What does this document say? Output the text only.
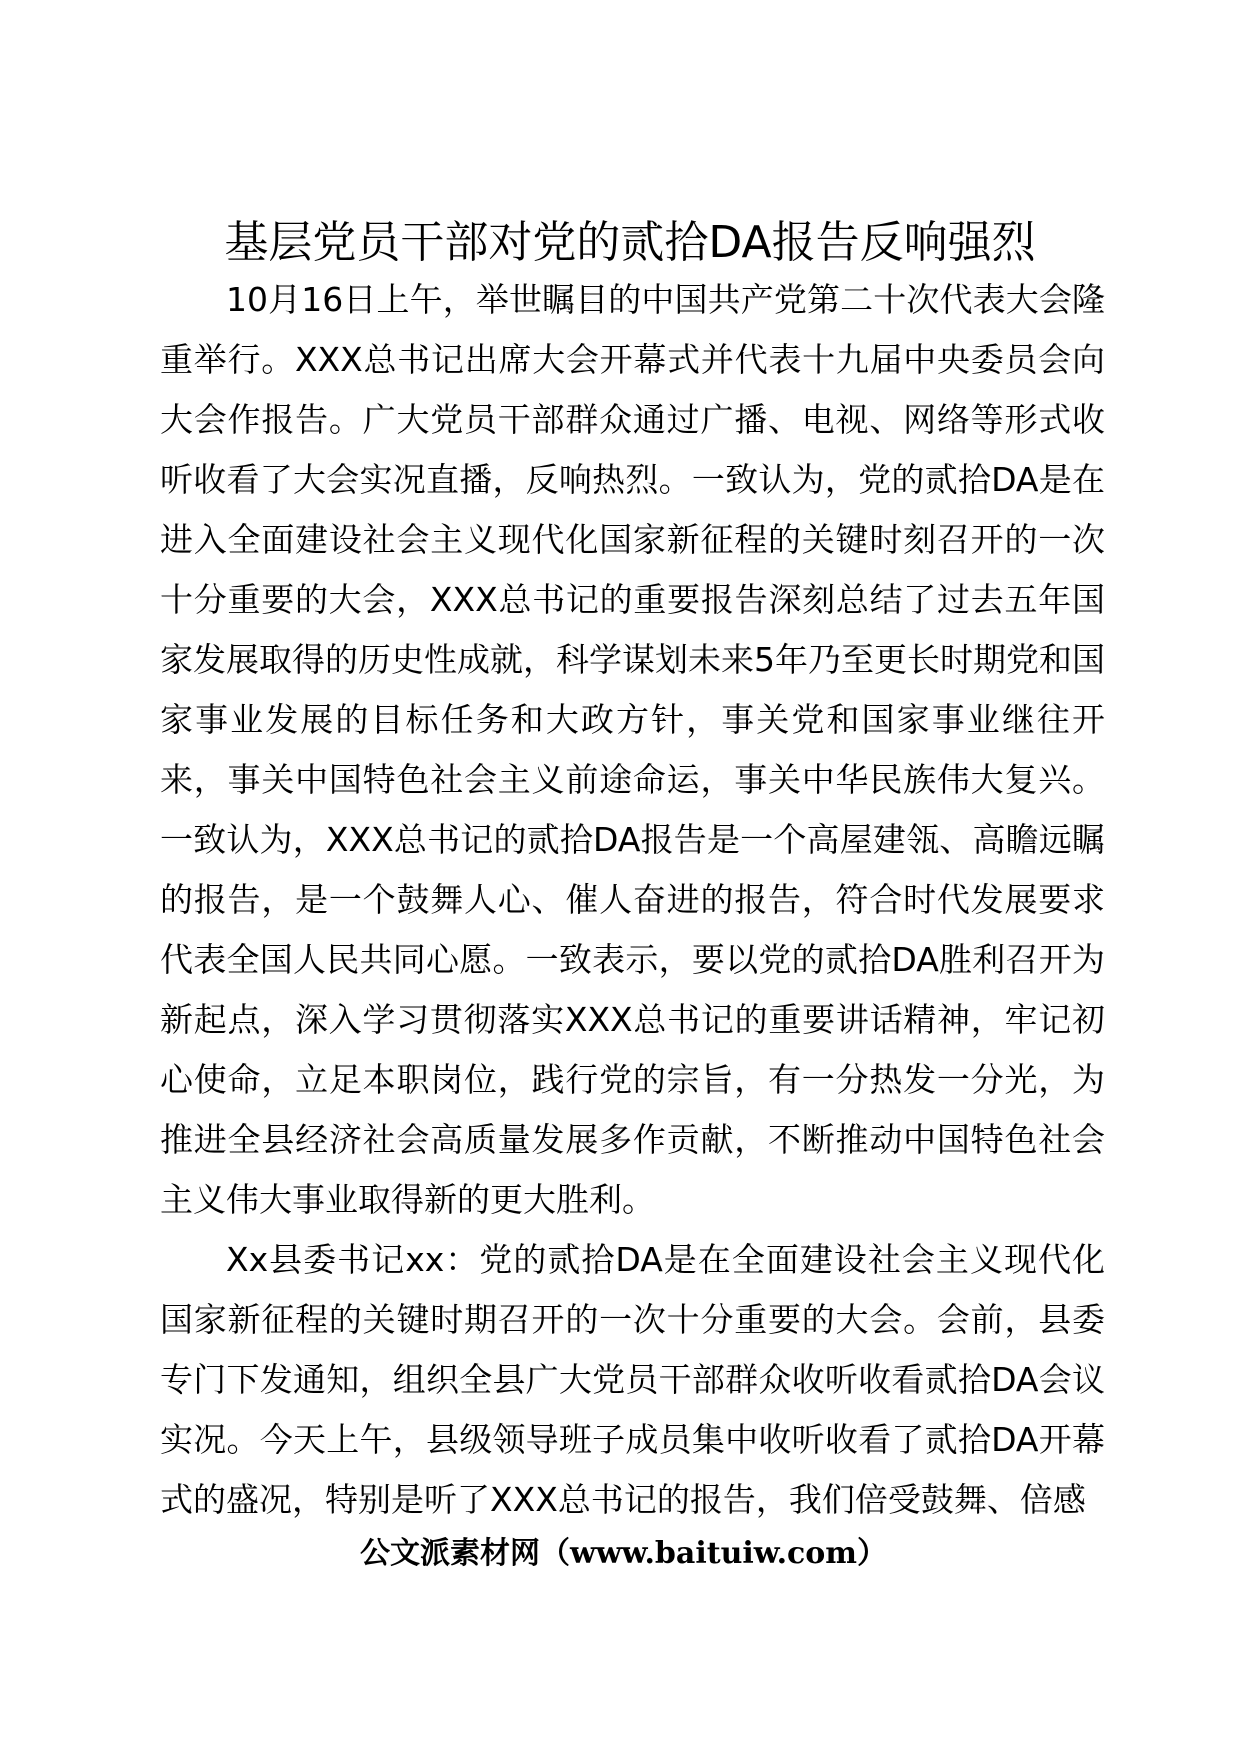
基层党员干部对党的贰拾DA报告反响强烈

10月16日上午，举世瞩目的中国共产党第二十次代表大会隆重举行。XXX总书记出席大会开幕式并代表十九届中央委员会向大会作报告。广大党员干部群众通过广播、电视、网络等形式收听收看了大会实况直播，反响热烈。一致认为，党的贰拾DA是在进入全面建设社会主义现代化国家新征程的关键时刻召开的一次十分重要的大会，XXX总书记的重要报告深刻总结了过去五年国家发展取得的历史性成就，科学谋划未来5年乃至更长时期党和国家事业发展的目标任务和大政方针，事关党和国家事业继往开来，事关中国特色社会主义前途命运，事关中华民族伟大复兴。一致认为，XXX总书记的贰拾DA报告是一个高屋建瓴、高瞻远瞩的报告，是一个鼓舞人心、催人奋进的报告，符合时代发展要求代表全国人民共同心愿。一致表示，要以党的贰拾DA胜利召开为新起点，深入学习贯彻落实XXX总书记的重要讲话精神，牢记初心使命，立足本职岗位，践行党的宗旨，有一分热发一分光，为推进全县经济社会高质量发展多作贡献，不断推动中国特色社会主义伟大事业取得新的更大胜利。

Xx县委书记xx：党的贰拾DA是在全面建设社会主义现代化国家新征程的关键时期召开的一次十分重要的大会。会前，县委专门下发通知，组织全县广大党员干部群众收听收看贰拾DA会议实况。今天上午，县级领导班子成员集中收听收看了贰拾DA开幕式的盛况，特别是听了XXX总书记的报告，我们倍受鼓舞、倍感

公文派素材网（www.baituiw.com）
